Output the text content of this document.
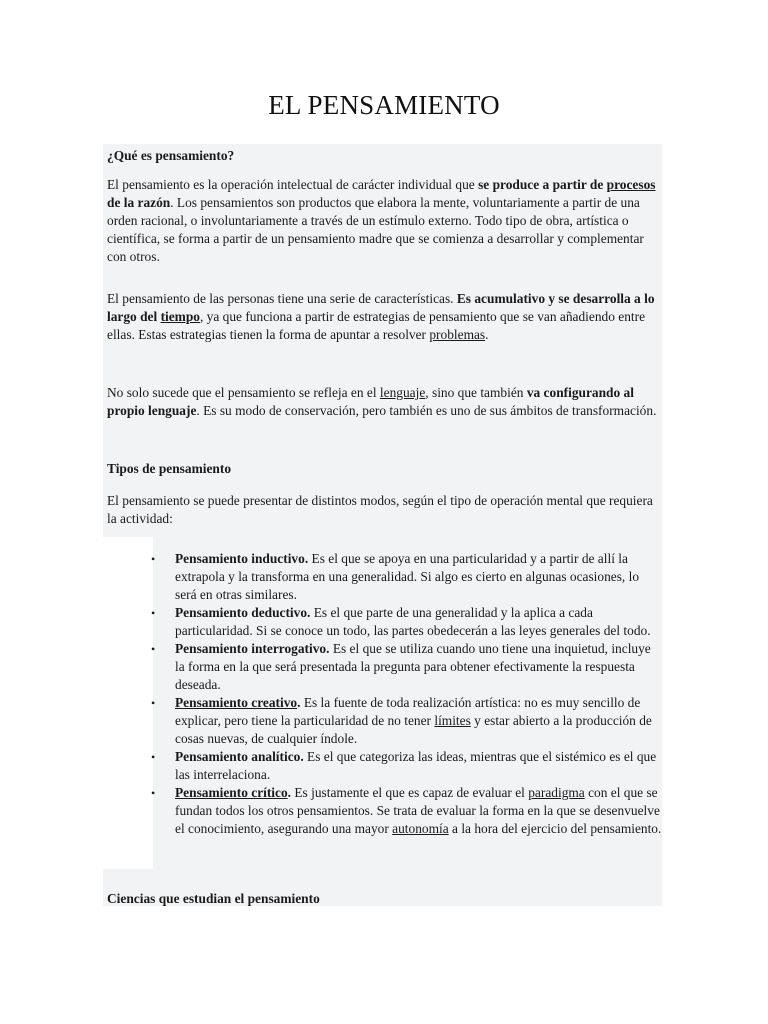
EL PENSAMIENTO

¿Qué es pensamiento?

El pensamiento es la operación intelectual de carácter individual que se produce a partir de procesos de la razón. Los pensamientos son productos que elabora la mente, voluntariamente a partir de una orden racional, o involuntariamente a través de un estímulo externo. Todo tipo de obra, artística o científica, se forma a partir de un pensamiento madre que se comienza a desarrollar y complementar con otros.

El pensamiento de las personas tiene una serie de características. Es acumulativo y se desarrolla a lo largo del tiempo, ya que funciona a partir de estrategias de pensamiento que se van añadiendo entre ellas. Estas estrategias tienen la forma de apuntar a resolver problemas.

No solo sucede que el pensamiento se refleja en el lenguaje, sino que también va configurando al propio lenguaje. Es su modo de conservación, pero también es uno de sus ámbitos de transformación.

Tipos de pensamiento

El pensamiento se puede presentar de distintos modos, según el tipo de operación mental que requiera la actividad:

• Pensamiento inductivo. Es el que se apoya en una particularidad y a partir de allí la extrapola y la transforma en una generalidad. Si algo es cierto en algunas ocasiones, lo será en otras similares.
• Pensamiento deductivo. Es el que parte de una generalidad y la aplica a cada particularidad. Si se conoce un todo, las partes obedecerán a las leyes generales del todo.
• Pensamiento interrogativo. Es el que se utiliza cuando uno tiene una inquietud, incluye la forma en la que será presentada la pregunta para obtener efectivamente la respuesta deseada.
• Pensamiento creativo. Es la fuente de toda realización artística: no es muy sencillo de explicar, pero tiene la particularidad de no tener límites y estar abierto a la producción de cosas nuevas, de cualquier índole.
• Pensamiento analítico. Es el que categoriza las ideas, mientras que el sistémico es el que las interrelaciona.
• Pensamiento crítico. Es justamente el que es capaz de evaluar el paradigma con el que se fundan todos los otros pensamientos. Se trata de evaluar la forma en la que se desenvuelve el conocimiento, asegurando una mayor autonomía a la hora del ejercicio del pensamiento.

Ciencias que estudian el pensamiento
